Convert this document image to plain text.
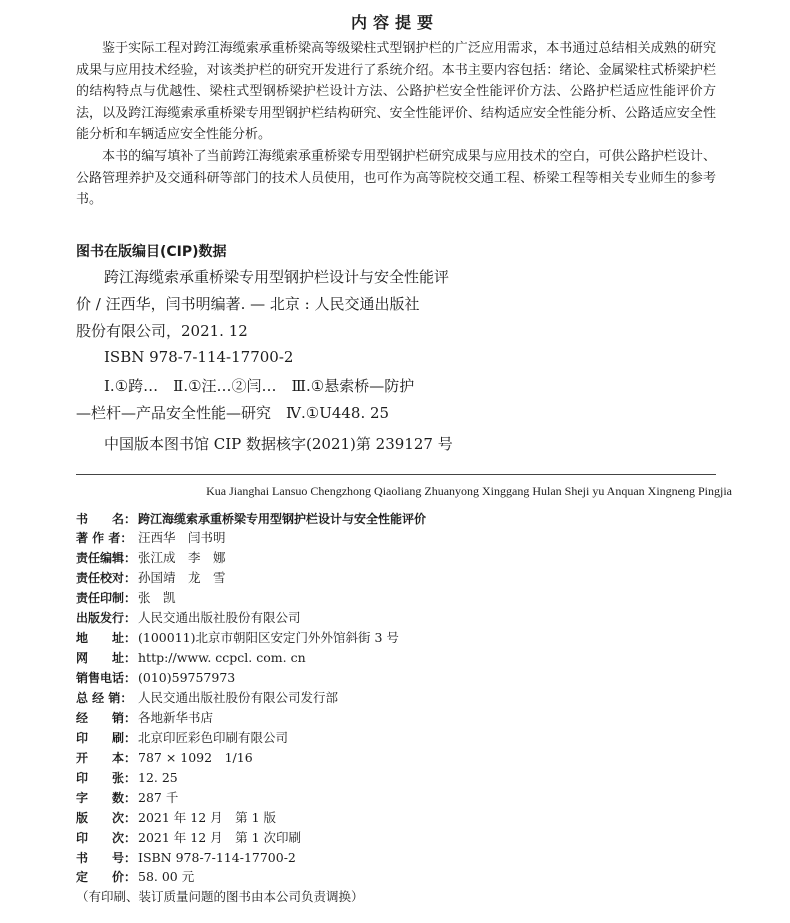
内容提要
鉴于实际工程对跨江海缆索承重桥梁高等级梁柱式型钢护栏的广泛应用需求，本书通过总结相关成熟的研究成果与应用技术经验，对该类护栏的研究开发进行了系统介绍。本书主要内容包括：绪论、金属梁柱式桥梁护栏的结构特点与优越性、梁柱式型钢桥梁护栏设计方法、公路护栏安全性能评价方法、公路护栏适应性能评价方法，以及跨江海缆索承重桥梁专用型钢护栏结构研究、安全性能评价、结构适应安全性能分析、公路适应安全性能分析和车辆适应安全性能分析。
本书的编写填补了当前跨江海缆索承重桥梁专用型钢护栏研究成果与应用技术的空白，可供公路护栏设计、公路管理养护及交通科研等部门的技术人员使用，也可作为高等院校交通工程、桥梁工程等相关专业师生的参考书。
图书在版编目(CIP)数据
跨江海缆索承重桥梁专用型钢护栏设计与安全性能评
价 / 汪西华，闫书明编著. — 北京 : 人民交通出版社
股份有限公司，2021. 12
ISBN 978-7-114-17700-2
Ⅰ.①跨…　Ⅱ.①汪…②闫…　Ⅲ.①悬索桥—防护
—栏杆—产品安全性能—研究　Ⅳ.①U448. 25
中国版本图书馆 CIP 数据核字(2021)第 239127 号
Kua Jianghai Lansuo Chengzhong Qiaoliang Zhuanyong Xinggang Hulan Sheji yu Anquan Xingneng Pingjia
书　　名： 跨江海缆索承重桥梁专用型钢护栏设计与安全性能评价
著 作 者： 汪西华　闫书明
责任编辑： 张江成　李　娜
责任校对： 孙国靖　龙　雪
责任印制： 张　凯
出版发行： 人民交通出版社股份有限公司
地　　址： (100011)北京市朝阳区安定门外外馆斜街 3 号
网　　址： http://www. ccpcl. com. cn
销售电话： (010)59757973
总 经 销： 人民交通出版社股份有限公司发行部
经　　销： 各地新华书店
印　　刷： 北京印匠彩色印刷有限公司
开　　本： 787 × 1092　1/16
印　　张： 12. 25
字　　数： 287 千
版　　次： 2021 年 12 月　第 1 版
印　　次： 2021 年 12 月　第 1 次印刷
书　　号： ISBN 978-7-114-17700-2
定　　价： 58. 00 元
（有印刷、装订质量问题的图书由本公司负责调换）
